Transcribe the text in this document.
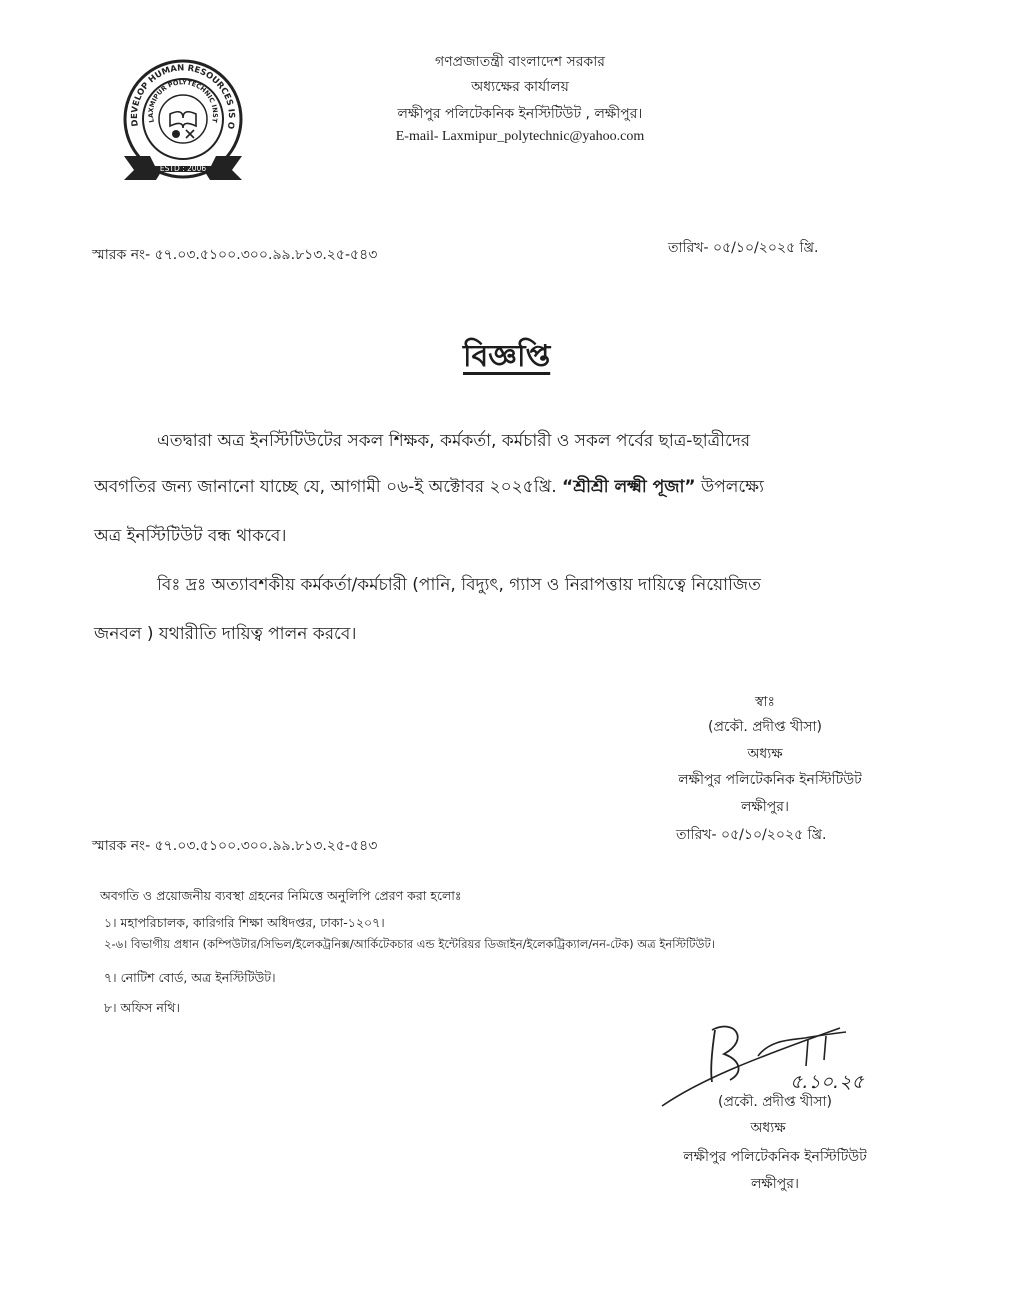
DEVELOP HUMAN RESOURCES IS O
LAXMIPUR POLYTECHNIC INST
ESTD : 2006
গণপ্রজাতন্ত্রী বাংলাদেশ সরকার
অধ্যক্ষের কার্যালয়
লক্ষীপুর পলিটেকনিক ইনস্টিটিউট , লক্ষীপুর।
E-mail- Laxmipur_polytechnic@yahoo.com
স্মারক নং- ৫৭.০৩.৫১০০.৩০০.৯৯.৮১৩.২৫-৫৪৩	তারিখ- ০৫/১০/২০২৫ খ্রি.
বিজ্ঞপ্তি
এতদ্বারা অত্র ইনস্টিটিউটের সকল শিক্ষক, কর্মকর্তা, কর্মচারী ও সকল পর্বের ছাত্র-ছাত্রীদের
অবগতির জন্য জানানো যাচ্ছে যে, আগামী ০৬-ই অক্টোবর ২০২৫খ্রি. “শ্রীশ্রী লক্ষ্মী পূজা” উপলক্ষ্যে
অত্র ইনস্টিটিউট বন্ধ থাকবে।
বিঃ দ্রঃ অত্যাবশকীয় কর্মকর্তা/কর্মচারী (পানি, বিদ্যুৎ, গ্যাস ও নিরাপত্তায় দায়িত্বে নিয়োজিত
জনবল ) যথারীতি দায়িত্ব পালন করবে।
স্বাঃ
(প্রকৌ. প্রদীপ্ত খীসা)
অধ্যক্ষ
লক্ষীপুর পলিটেকনিক ইনস্টিটিউট
লক্ষীপুর।
স্মারক নং- ৫৭.০৩.৫১০০.৩০০.৯৯.৮১৩.২৫-৫৪৩
তারিখ- ০৫/১০/২০২৫ খ্রি.
অবগতি ও প্রয়োজনীয় ব্যবস্থা গ্রহনের নিমিত্তে অনুলিপি প্রেরণ করা হলোঃ
১। মহাপরিচালক, কারিগরি শিক্ষা অধিদপ্তর, ঢাকা-১২০৭।
২-৬। বিভাগীয় প্রধান (কম্পিউটার/সিভিল/ইলেকট্রনিক্স/আর্কিটেকচার এন্ড ইন্টেরিয়র ডিজাইন/ইলেকট্রিক্যাল/নন-টেক) অত্র ইনস্টিটিউট।
৭। নোটিশ বোর্ড, অত্র ইনস্টিটিউট।
৮। অফিস নথি।
৫.১০.২৫
(প্রকৌ. প্রদীপ্ত খীসা)
অধ্যক্ষ
লক্ষীপুর পলিটেকনিক ইনস্টিটিউট
লক্ষীপুর।
